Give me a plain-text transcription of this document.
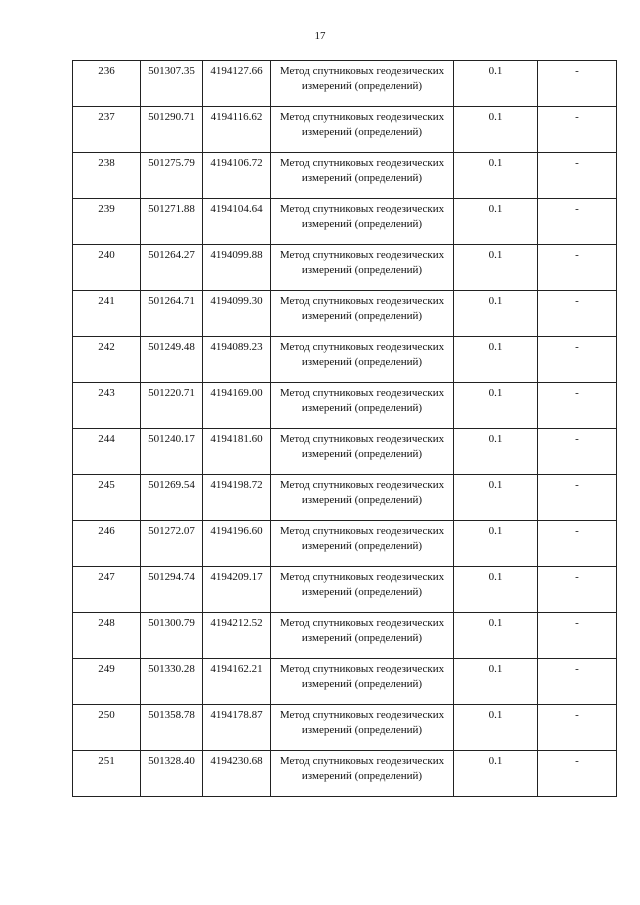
17
236	501307.35	4194127.66	Метод спутниковых геодезических измерений (определений)	0.1	-
237	501290.71	4194116.62	Метод спутниковых геодезических измерений (определений)	0.1	-
238	501275.79	4194106.72	Метод спутниковых геодезических измерений (определений)	0.1	-
239	501271.88	4194104.64	Метод спутниковых геодезических измерений (определений)	0.1	-
240	501264.27	4194099.88	Метод спутниковых геодезических измерений (определений)	0.1	-
241	501264.71	4194099.30	Метод спутниковых геодезических измерений (определений)	0.1	-
242	501249.48	4194089.23	Метод спутниковых геодезических измерений (определений)	0.1	-
243	501220.71	4194169.00	Метод спутниковых геодезических измерений (определений)	0.1	-
244	501240.17	4194181.60	Метод спутниковых геодезических измерений (определений)	0.1	-
245	501269.54	4194198.72	Метод спутниковых геодезических измерений (определений)	0.1	-
246	501272.07	4194196.60	Метод спутниковых геодезических измерений (определений)	0.1	-
247	501294.74	4194209.17	Метод спутниковых геодезических измерений (определений)	0.1	-
248	501300.79	4194212.52	Метод спутниковых геодезических измерений (определений)	0.1	-
249	501330.28	4194162.21	Метод спутниковых геодезических измерений (определений)	0.1	-
250	501358.78	4194178.87	Метод спутниковых геодезических измерений (определений)	0.1	-
251	501328.40	4194230.68	Метод спутниковых геодезических измерений (определений)	0.1	-
